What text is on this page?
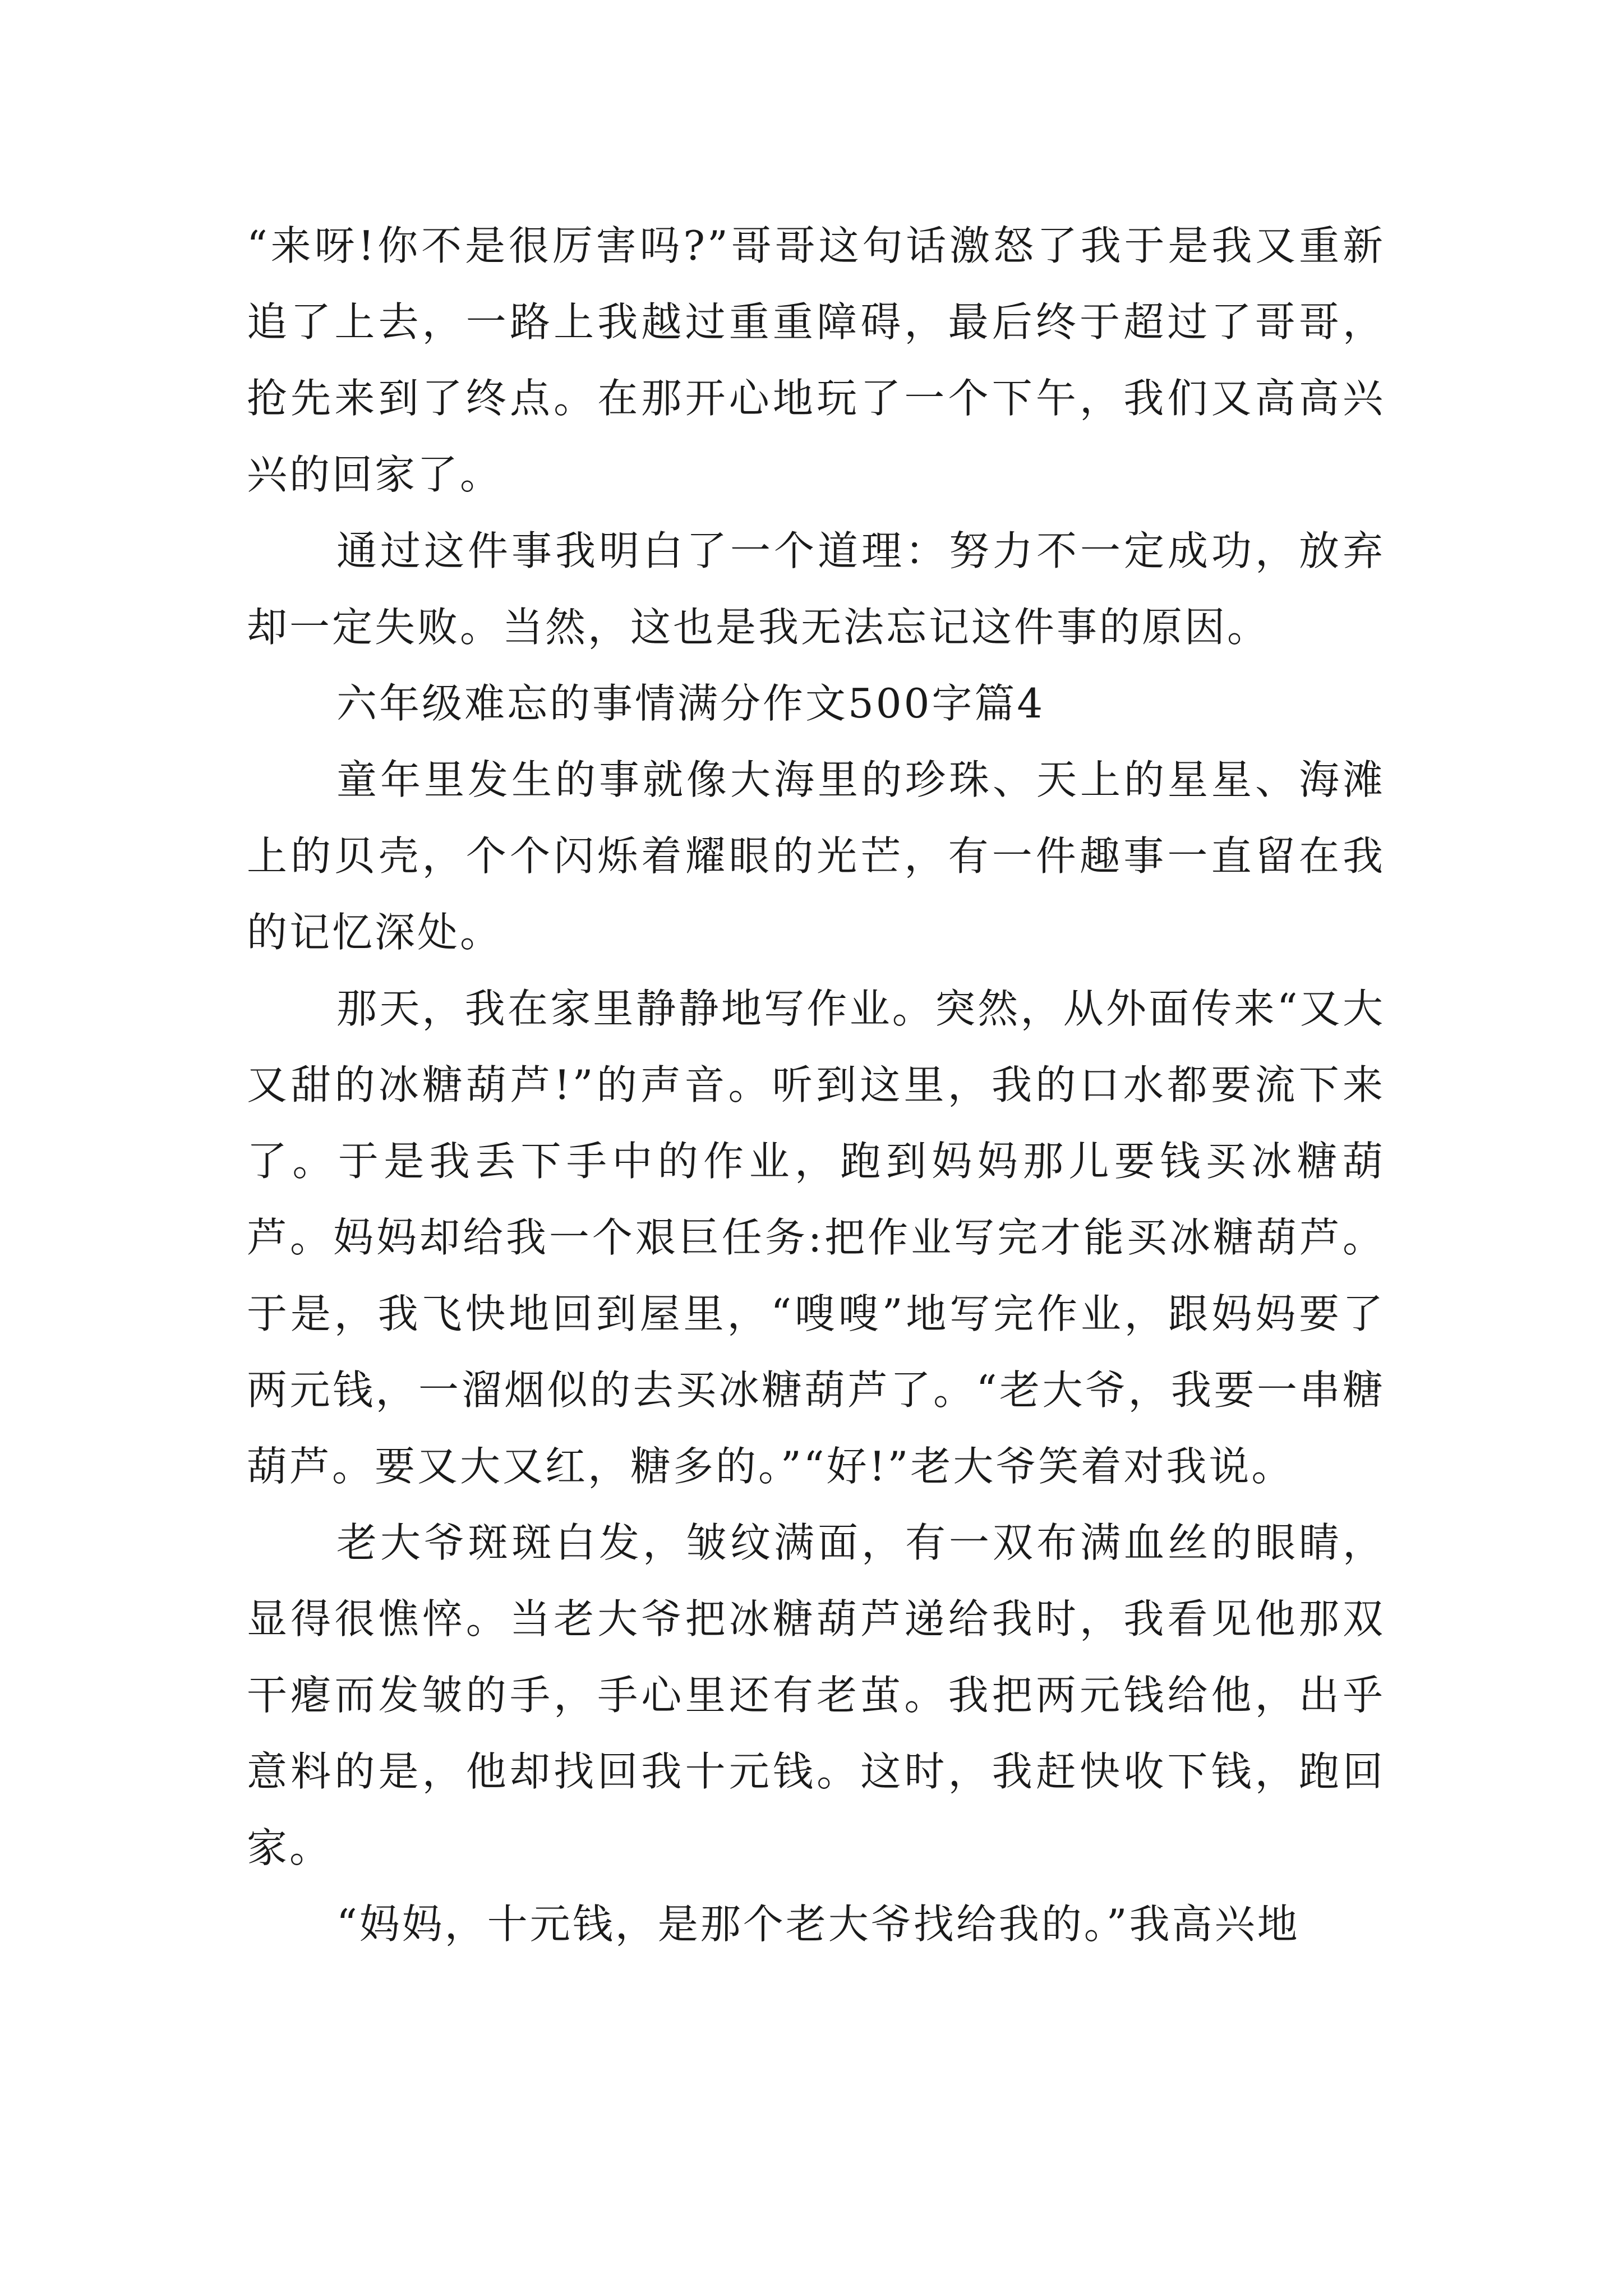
“来呀!你不是很厉害吗?”哥哥这句话激怒了我于是我又重新追了上去，一路上我越过重重障碍，最后终于超过了哥哥，抢先来到了终点。在那开心地玩了一个下午，我们又高高兴兴的回家了。

通过这件事我明白了一个道理：努力不一定成功，放弃却一定失败。当然，这也是我无法忘记这件事的原因。

六年级难忘的事情满分作文500字篇4

童年里发生的事就像大海里的珍珠、天上的星星、海滩上的贝壳，个个闪烁着耀眼的光芒，有一件趣事一直留在我的记忆深处。

那天，我在家里静静地写作业。突然，从外面传来“又大又甜的冰糖葫芦!”的声音。听到这里，我的口水都要流下来了。于是我丢下手中的作业，跑到妈妈那儿要钱买冰糖葫芦。妈妈却给我一个艰巨任务:把作业写完才能买冰糖葫芦。于是，我飞快地回到屋里，“嗖嗖”地写完作业，跟妈妈要了两元钱，一溜烟似的去买冰糖葫芦了。“老大爷，我要一串糖葫芦。要又大又红，糖多的。”“好!”老大爷笑着对我说。

老大爷斑斑白发，皱纹满面，有一双布满血丝的眼睛，显得很憔悴。当老大爷把冰糖葫芦递给我时，我看见他那双干瘪而发皱的手，手心里还有老茧。我把两元钱给他，出乎意料的是，他却找回我十元钱。这时，我赶快收下钱，跑回家。

“妈妈，十元钱，是那个老大爷找给我的。”我高兴地
